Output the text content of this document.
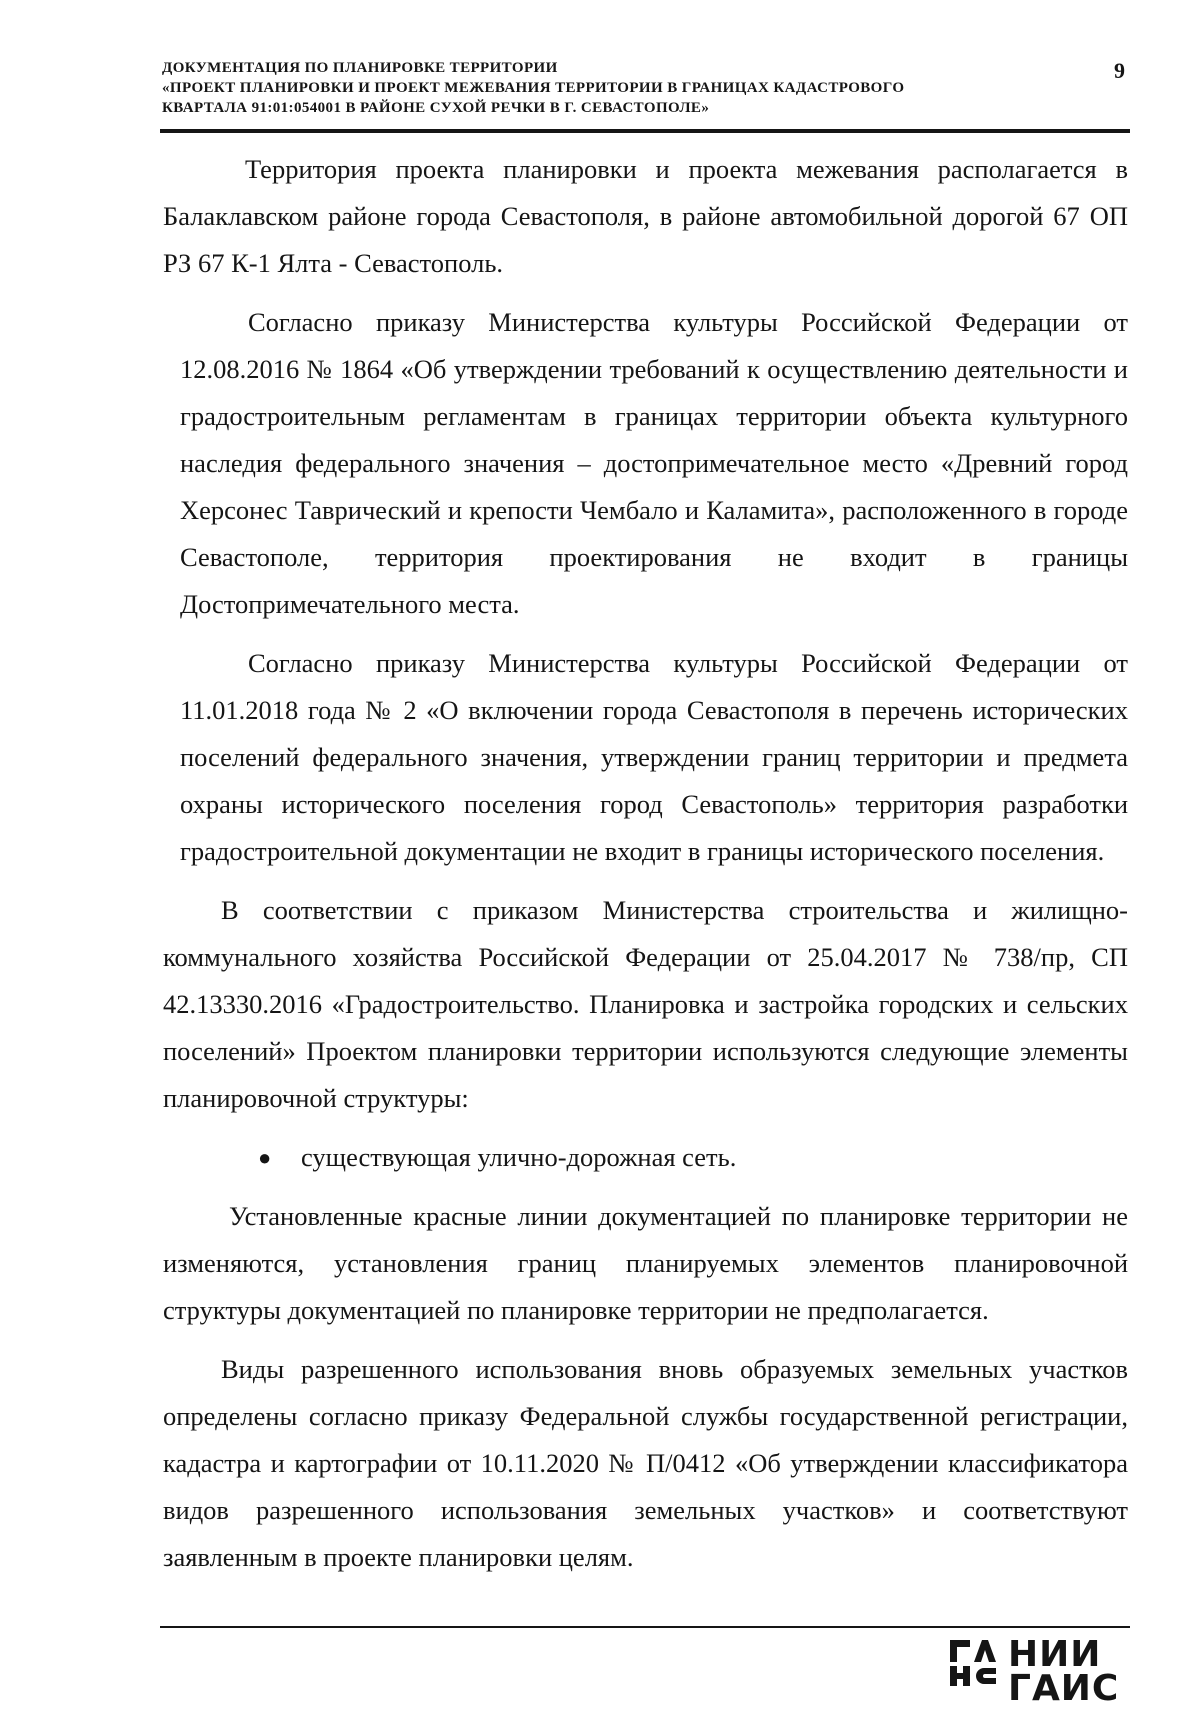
ДОКУМЕНТАЦИЯ ПО ПЛАНИРОВКЕ ТЕРРИТОРИИ
«ПРОЕКТ ПЛАНИРОВКИ И ПРОЕКТ МЕЖЕВАНИЯ ТЕРРИТОРИИ В ГРАНИЦАХ КАДАСТРОВОГО
КВАРТАЛА 91:01:054001 В РАЙОНЕ СУХОЙ РЕЧКИ В Г. СЕВАСТОПОЛЕ»
9

Территория проекта планировки и проекта межевания располагается в Балаклавском районе города Севастополя, в районе автомобильной дорогой 67 ОП РЗ 67 К-1 Ялта - Севастополь.

Согласно приказу Министерства культуры Российской Федерации от 12.08.2016 № 1864 «Об утверждении требований к осуществлению деятельности и градостроительным регламентам в границах территории объекта культурного наследия федерального значения – достопримечательное место «Древний город Херсонес Таврический и крепости Чембало и Каламита», расположенного в городе Севастополе, территория проектирования не входит в границы Достопримечательного места.

Согласно приказу Министерства культуры Российской Федерации от 11.01.2018 года № 2 «О включении города Севастополя в перечень исторических поселений федерального значения, утверждении границ территории и предмета охраны исторического поселения город Севастополь» территория разработки градостроительной документации не входит в границы исторического поселения.

В соответствии с приказом Министерства строительства и жилищно-коммунального хозяйства Российской Федерации от 25.04.2017 № 738/пр, СП 42.13330.2016 «Градостроительство. Планировка и застройка городских и сельских поселений» Проектом планировки территории используются следующие элементы планировочной структуры:

●	существующая улично-дорожная сеть.

Установленные красные линии документацией по планировке территории не изменяются, установления границ планируемых элементов планировочной структуры документацией по планировке территории не предполагается.

Виды разрешенного использования вновь образуемых земельных участков определены согласно приказу Федеральной службы государственной регистрации, кадастра и картографии от 10.11.2020 № П/0412 «Об утверждении классификатора видов разрешенного использования земельных участков» и соответствуют заявленным в проекте планировки целям.

НИИ
ГАИС
